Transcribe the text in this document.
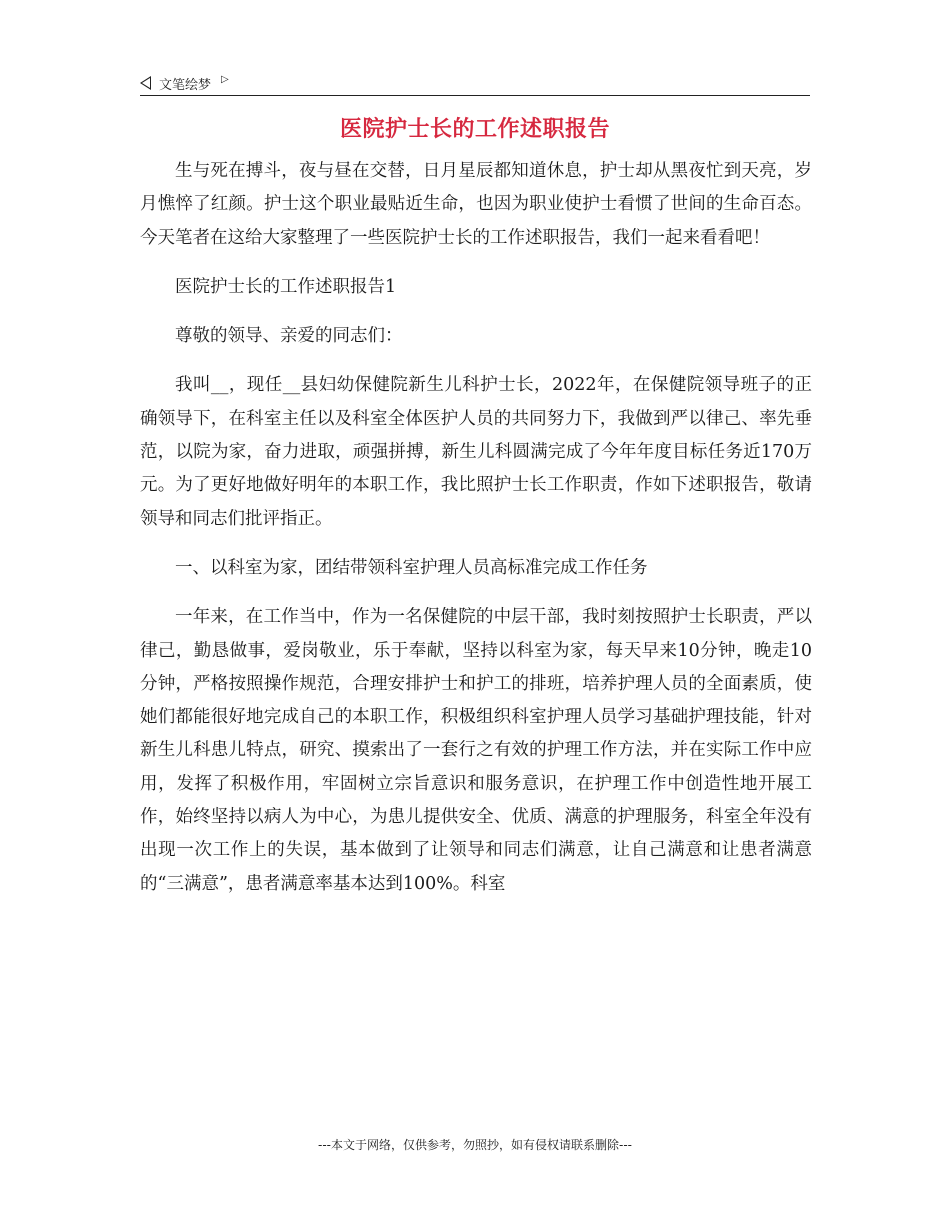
文笔绘梦 ▷
医院护士长的工作述职报告

生与死在搏斗，夜与昼在交替，日月星辰都知道休息，护士却从黑夜忙到天亮，岁月憔悴了红颜。护士这个职业最贴近生命，也因为职业使护士看惯了世间的生命百态。今天笔者在这给大家整理了一些医院护士长的工作述职报告，我们一起来看看吧！

医院护士长的工作述职报告1

尊敬的领导、亲爱的同志们：

我叫__，现任__县妇幼保健院新生儿科护士长，2022年，在保健院领导班子的正确领导下，在科室主任以及科室全体医护人员的共同努力下，我做到严以律己、率先垂范，以院为家，奋力进取，顽强拼搏，新生儿科圆满完成了今年年度目标任务近170万元。为了更好地做好明年的本职工作，我比照护士长工作职责，作如下述职报告，敬请领导和同志们批评指正。

一、以科室为家，团结带领科室护理人员高标准完成工作任务

一年来，在工作当中，作为一名保健院的中层干部，我时刻按照护士长职责，严以律己，勤恳做事，爱岗敬业，乐于奉献，坚持以科室为家，每天早来10分钟，晚走10分钟，严格按照操作规范，合理安排护士和护工的排班，培养护理人员的全面素质，使她们都能很好地完成自己的本职工作，积极组织科室护理人员学习基础护理技能，针对新生儿科患儿特点，研究、摸索出了一套行之有效的护理工作方法，并在实际工作中应用，发挥了积极作用，牢固树立宗旨意识和服务意识，在护理工作中创造性地开展工作，始终坚持以病人为中心，为患儿提供安全、优质、满意的护理服务，科室全年没有出现一次工作上的失误，基本做到了让领导和同志们满意，让自己满意和让患者满意的“三满意”，患者满意率基本达到100%。科室

---本文于网络，仅供参考，勿照抄，如有侵权请联系删除---
